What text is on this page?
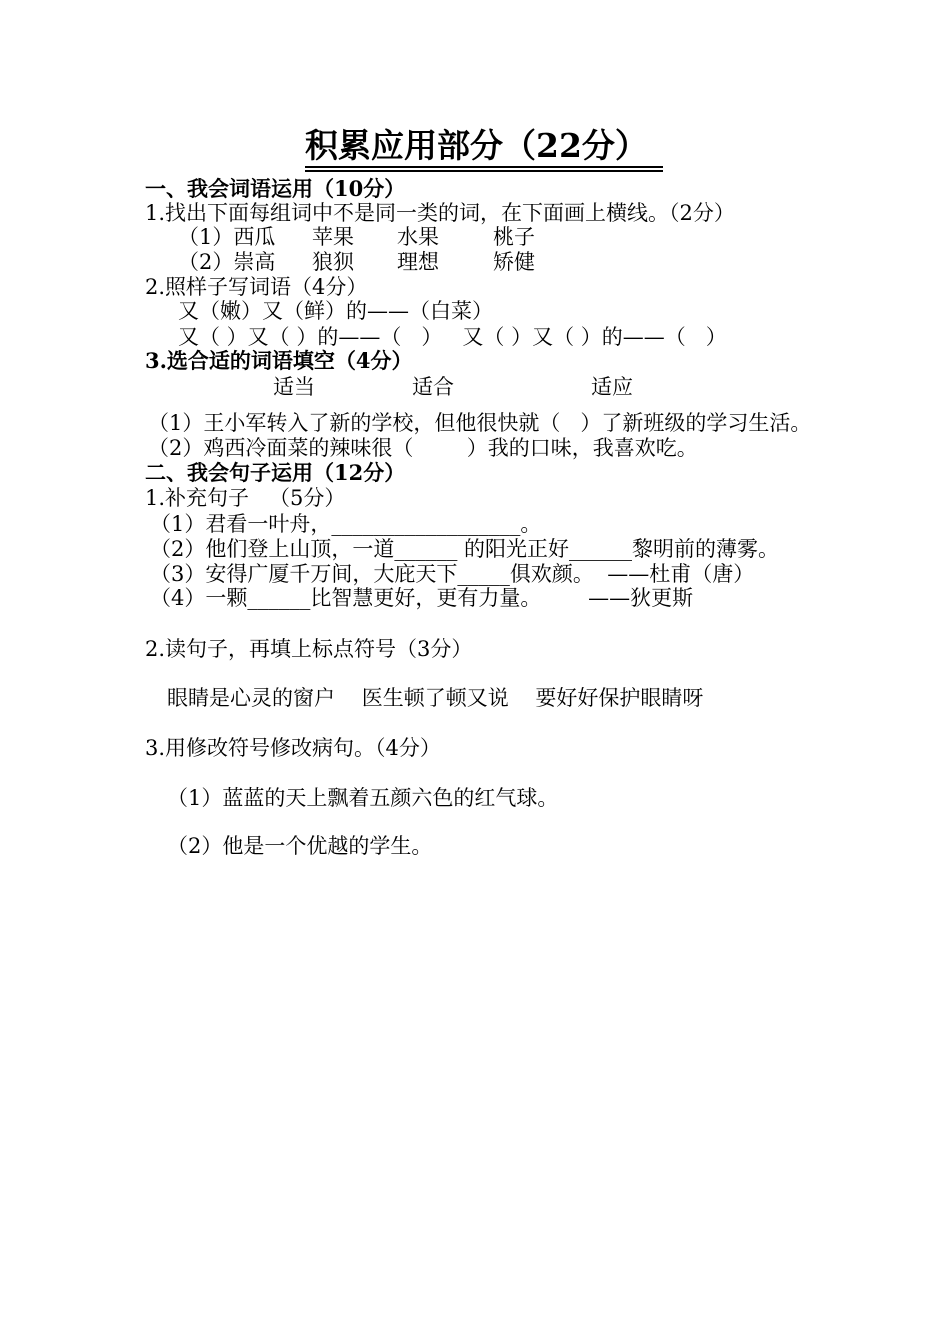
积累应用部分（22分）
一、我会词语运用（10分）
1.找出下面每组词中不是同一类的词，在下面画上横线。（2分）
（1）西瓜 苹果 水果	桃子
（2）崇高 狼狈 理想	矫健
2.照样子写词语（4分）
又（嫩）又（鲜）的——（白菜）
又（ ）又（ ）的——（   ）   又（ ）又（ ）的——（   ）
3.选合适的词语填空（4分）
适当	适合	适应
（1）王小军转入了新的学校，但他很快就（   ）了新班级的学习生活。
（2）鸡西冷面菜的辣味很（        ）我的口味，我喜欢吃。
二、我会句子运用（12分）
1.补充句子   （5分）
（1）君看一叶舟，__________________。
（2）他们登上山顶，一道______ 的阳光正好______黎明前的薄雾。
（3）安得广厦千万间，大庇天下_____俱欢颜。  ——杜甫（唐）
（4）一颗______比智慧更好，更有力量。       ——狄更斯
2.读句子，再填上标点符号（3分）
眼睛是心灵的窗户    医生顿了顿又说    要好好保护眼睛呀
3.用修改符号修改病句。（4分）
（1）蓝蓝的天上飘着五颜六色的红气球。
（2）他是一个优越的学生。
